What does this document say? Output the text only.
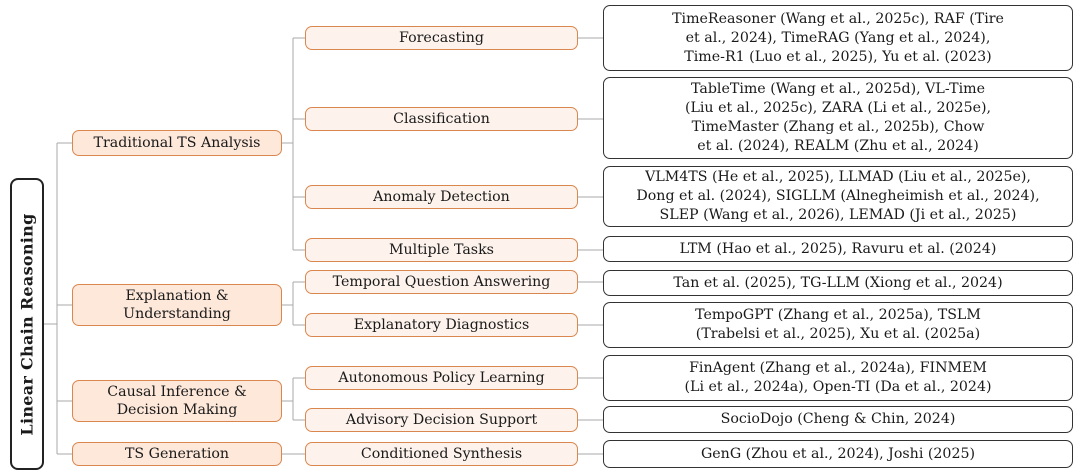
Linear Chain Reasoning
Traditional TS Analysis
Forecasting
TimeReasoner (Wang et al., 2025c), RAF (Tire
et al., 2024), TimeRAG (Yang et al., 2024),
Time-R1 (Luo et al., 2025), Yu et al. (2023)
Classification
TableTime (Wang et al., 2025d), VL-Time
(Liu et al., 2025c), ZARA (Li et al., 2025e),
TimeMaster (Zhang et al., 2025b), Chow
et al. (2024), REALM (Zhu et al., 2024)
Anomaly Detection
VLM4TS (He et al., 2025), LLMAD (Liu et al., 2025e),
Dong et al. (2024), SIGLLM (Alnegheimish et al., 2024),
SLEP (Wang et al., 2026), LEMAD (Ji et al., 2025)
Multiple Tasks	LTM (Hao et al., 2025), Ravuru et al. (2024)
Explanation &
Understanding
Temporal Question Answering	Tan et al. (2025), TG-LLM (Xiong et al., 2024)
Explanatory Diagnostics
TempoGPT (Zhang et al., 2025a), TSLM
(Trabelsi et al., 2025), Xu et al. (2025a)
Causal Inference &
Decision Making
Autonomous Policy Learning
FinAgent (Zhang et al., 2024a), FINMEM
(Li et al., 2024a), Open-TI (Da et al., 2024)
Advisory Decision Support	SocioDojo (Cheng & Chin, 2024)
TS Generation	Conditioned Synthesis	GenG (Zhou et al., 2024), Joshi (2025)
